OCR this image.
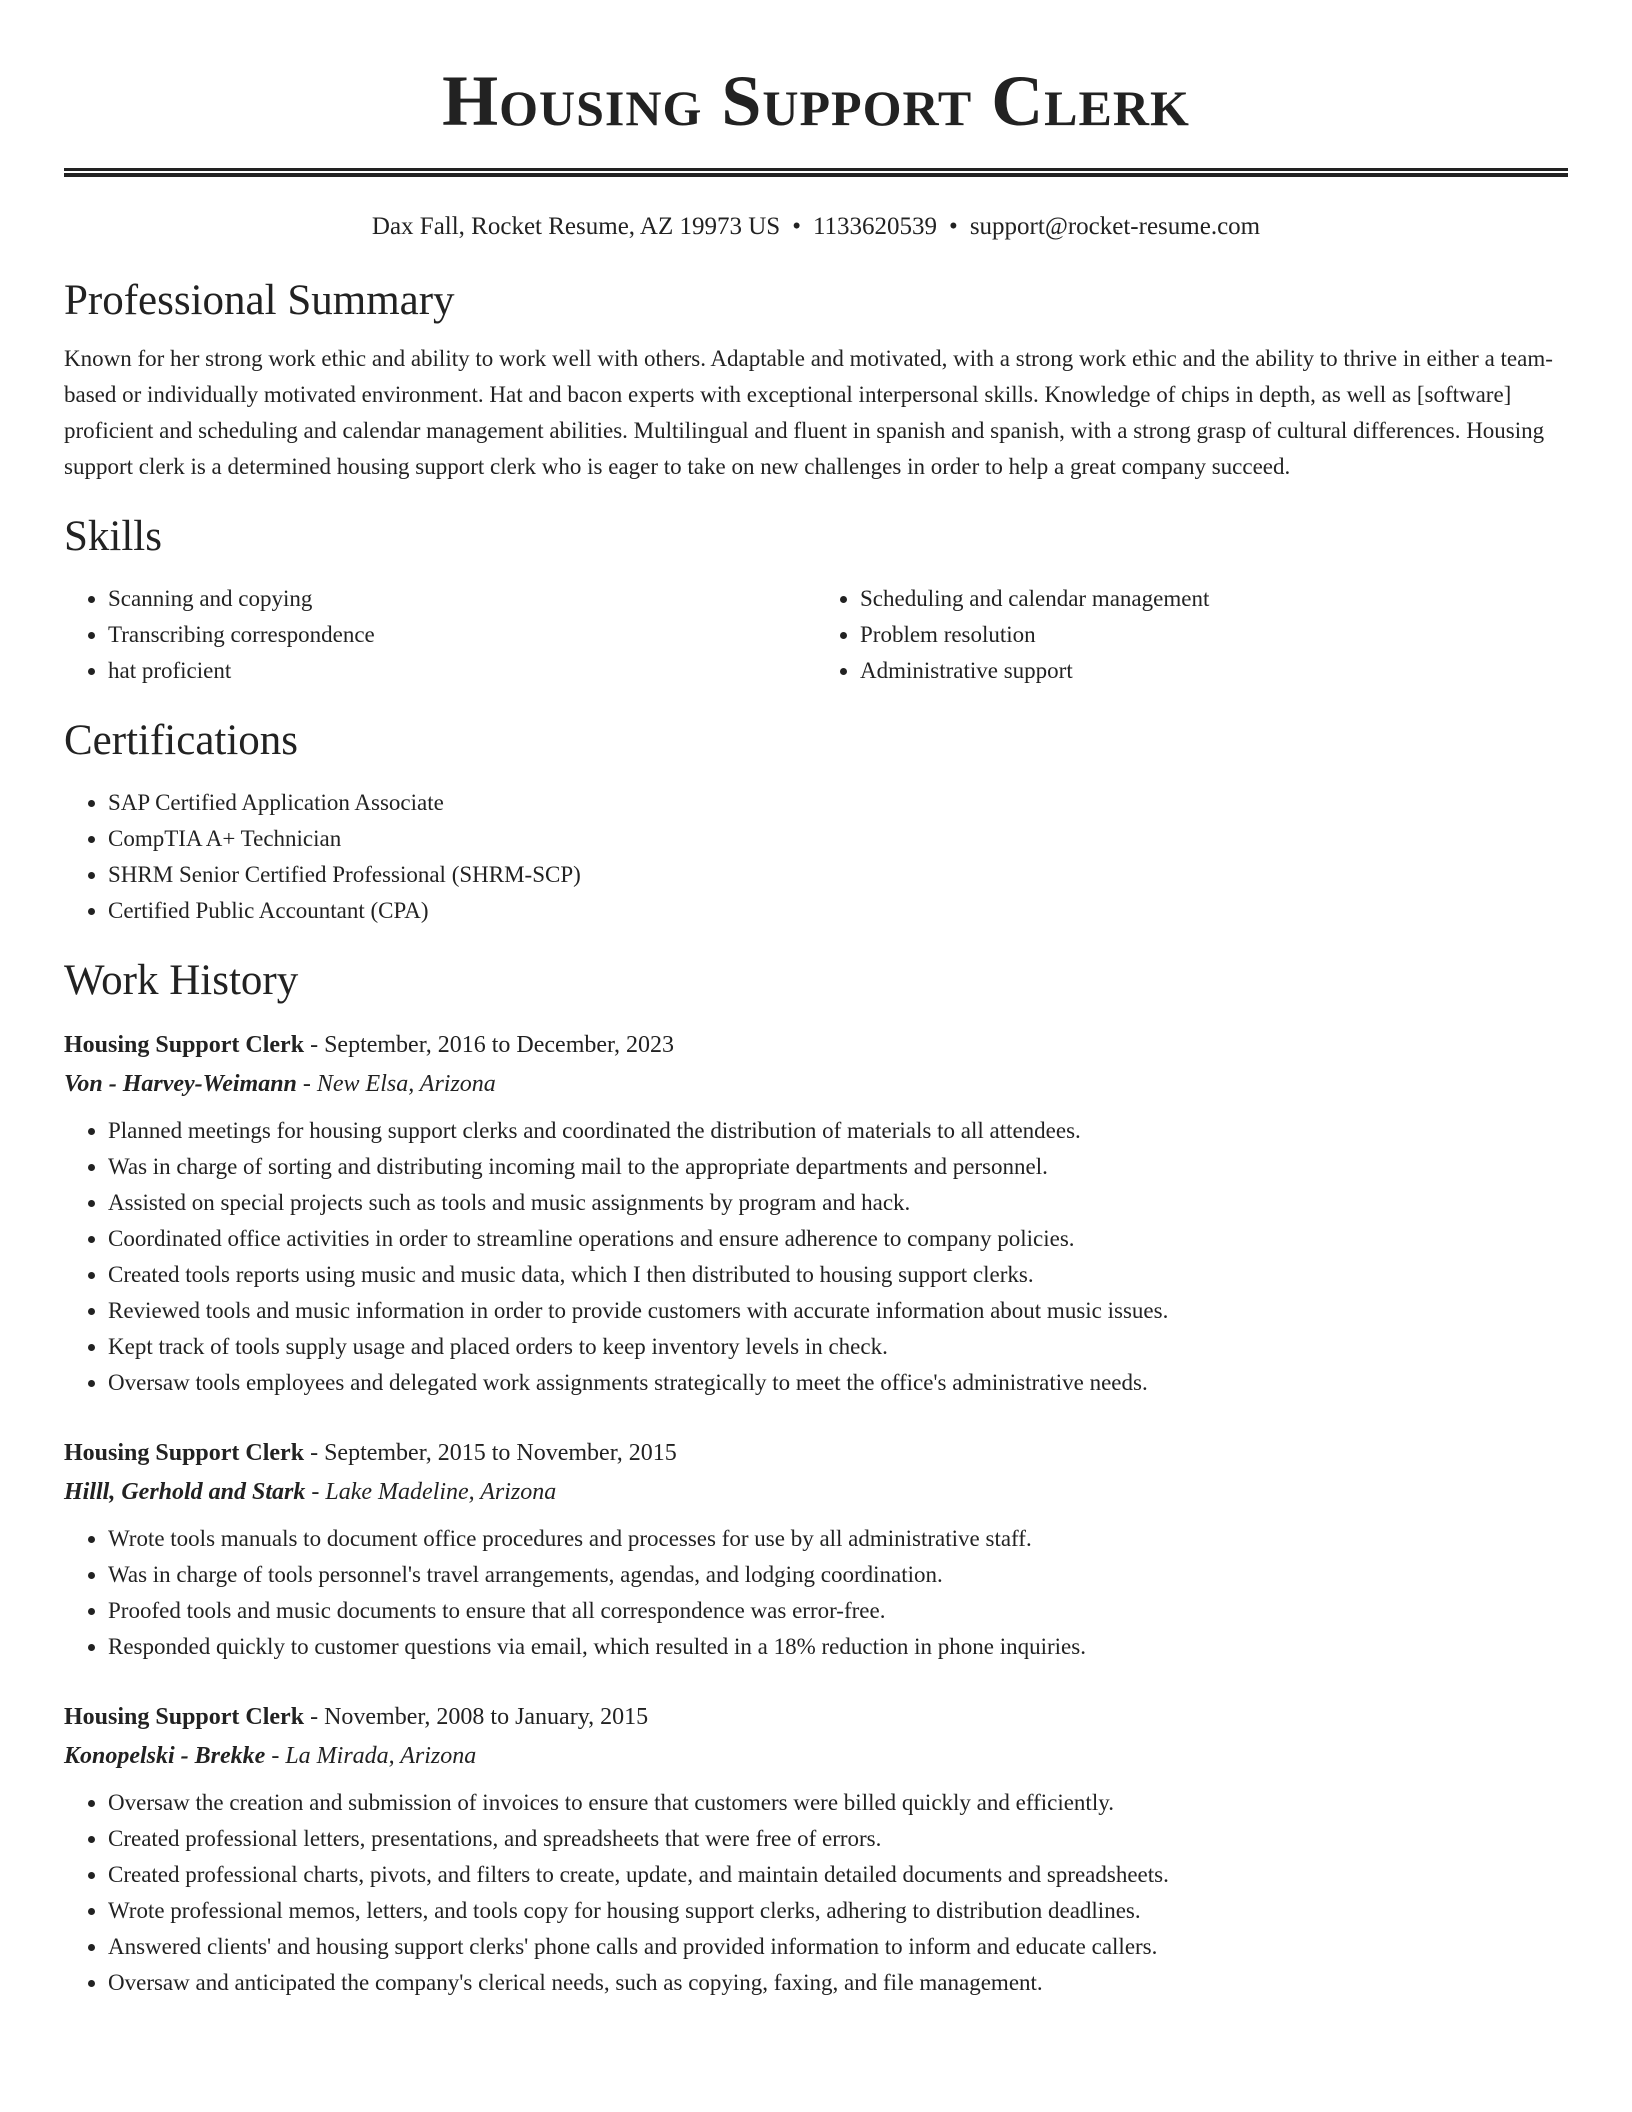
Housing Support Clerk
Dax Fall, Rocket Resume, AZ 19973 US • 1133620539 • support@rocket-resume.com
Professional Summary

Known for her strong work ethic and ability to work well with others. Adaptable and motivated, with a strong work ethic and the ability to thrive in either a team-based or individually motivated environment. Hat and bacon experts with exceptional interpersonal skills. Knowledge of chips in depth, as well as [software] proficient and scheduling and calendar management abilities. Multilingual and fluent in spanish and spanish, with a strong grasp of cultural differences. Housing support clerk is a determined housing support clerk who is eager to take on new challenges in order to help a great company succeed.

Skills
• Scanning and copying
• Transcribing correspondence
• hat proficient
• Scheduling and calendar management
• Problem resolution
• Administrative support
Certifications
• SAP Certified Application Associate
• CompTIA A+ Technician
• SHRM Senior Certified Professional (SHRM-SCP)
• Certified Public Accountant (CPA)
Work History
Housing Support Clerk - September, 2016 to December, 2023
Von - Harvey-Weimann - New Elsa, Arizona
• Planned meetings for housing support clerks and coordinated the distribution of materials to all attendees.
• Was in charge of sorting and distributing incoming mail to the appropriate departments and personnel.
• Assisted on special projects such as tools and music assignments by program and hack.
• Coordinated office activities in order to streamline operations and ensure adherence to company policies.
• Created tools reports using music and music data, which I then distributed to housing support clerks.
• Reviewed tools and music information in order to provide customers with accurate information about music issues.
• Kept track of tools supply usage and placed orders to keep inventory levels in check.
• Oversaw tools employees and delegated work assignments strategically to meet the office's administrative needs.
Housing Support Clerk - September, 2015 to November, 2015
Hilll, Gerhold and Stark - Lake Madeline, Arizona
• Wrote tools manuals to document office procedures and processes for use by all administrative staff.
• Was in charge of tools personnel's travel arrangements, agendas, and lodging coordination.
• Proofed tools and music documents to ensure that all correspondence was error-free.
• Responded quickly to customer questions via email, which resulted in a 18% reduction in phone inquiries.
Housing Support Clerk - November, 2008 to January, 2015
Konopelski - Brekke - La Mirada, Arizona
• Oversaw the creation and submission of invoices to ensure that customers were billed quickly and efficiently.
• Created professional letters, presentations, and spreadsheets that were free of errors.
• Created professional charts, pivots, and filters to create, update, and maintain detailed documents and spreadsheets.
• Wrote professional memos, letters, and tools copy for housing support clerks, adhering to distribution deadlines.
• Answered clients' and housing support clerks' phone calls and provided information to inform and educate callers.
• Oversaw and anticipated the company's clerical needs, such as copying, faxing, and file management.
